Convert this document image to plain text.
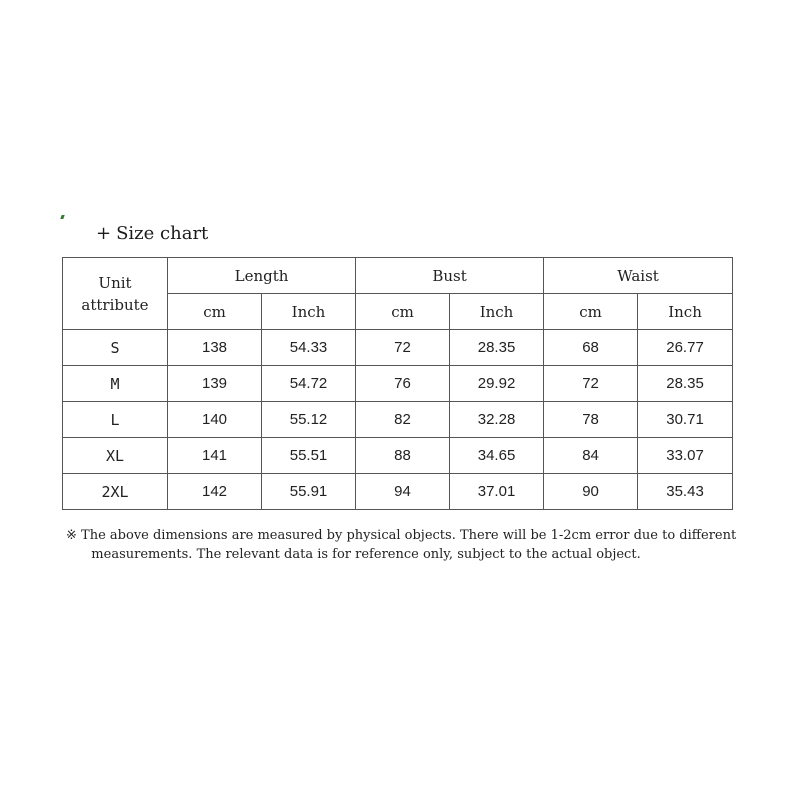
+ Size chart
Unit
attribute	Length		Bust		Waist	
	cm	Inch	cm	Inch	cm	Inch
S	138	54.33	72	28.35	68	26.77
M	139	54.72	76	29.92	72	28.35
L	140	55.12	82	32.28	78	30.71
XL	141	55.51	88	34.65	84	33.07
2XL	142	55.91	94	37.01	90	35.43
※ The above dimensions are measured by physical objects. There will be 1-2cm error due to different
measurements. The relevant data is for reference only, subject to the actual object.
